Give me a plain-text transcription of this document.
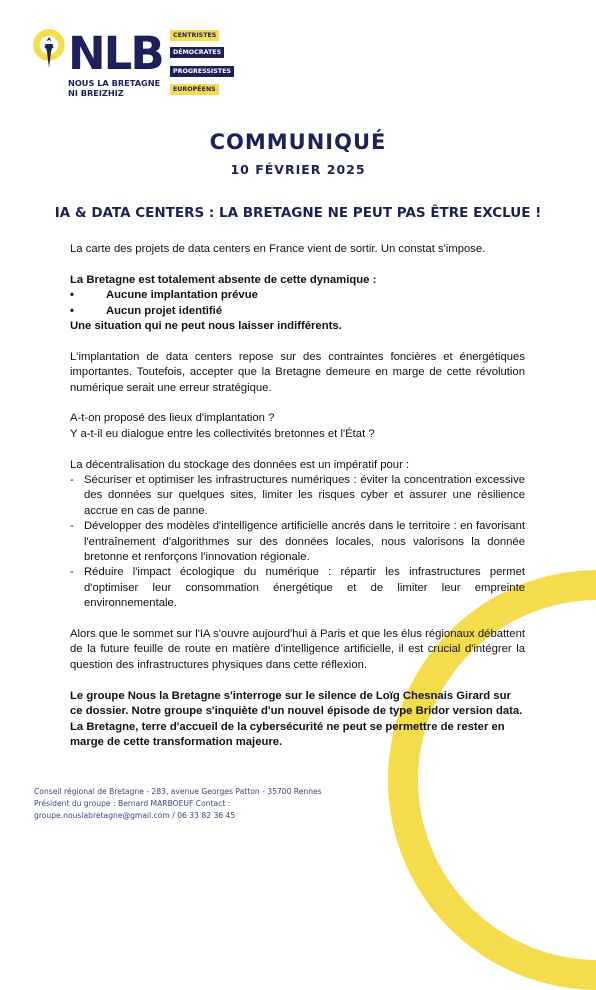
NLB
NOUS LA BRETAGNE
NI BREIZHIZ
CENTRISTES
DÉMOCRATES
PROGRESSISTES
EUROPÉENS
COMMUNIQUÉ
10 FÉVRIER 2025
IA & DATA CENTERS : LA BRETAGNE NE PEUT PAS ÊTRE EXCLUE !

La carte des projets de data centers en France vient de sortir. Un constat s'impose.

La Bretagne est totalement absente de cette dynamique :

• Aucune implantation prévue

• Aucun projet identifié

Une situation qui ne peut nous laisser indifférents.

L'implantation de data centers repose sur des contraintes foncières et énergétiques importantes. Toutefois, accepter que la Bretagne demeure en marge de cette révolution numérique serait une erreur stratégique.

A-t-on proposé des lieux d'implantation ?

Y a-t-il eu dialogue entre les collectivités bretonnes et l'État ?

La décentralisation du stockage des données est un impératif pour :

- Sécuriser et optimiser les infrastructures numériques : éviter la concentration excessive des données sur quelques sites, limiter les risques cyber et assurer une résilience accrue en cas de panne.

- Développer des modèles d'intelligence artificielle ancrés dans le territoire : en favorisant l'entraînement d'algorithmes sur des données locales, nous valorisons la donnée bretonne et renforçons l'innovation régionale.

- Réduire l'impact écologique du numérique : répartir les infrastructures permet d'optimiser leur consommation énergétique et de limiter leur empreinte environnementale.

Alors que le sommet sur l'IA s'ouvre aujourd'hui à Paris et que les élus régionaux débattent de la future feuille de route en matière d'intelligence artificielle, il est crucial d'intégrer la question des infrastructures physiques dans cette réflexion.

Le groupe Nous la Bretagne s'interroge sur le silence de Loïg Chesnais Girard sur ce dossier. Notre groupe s'inquiète d'un nouvel épisode de type Bridor version data. La Bretagne, terre d'accueil de la cybersécurité ne peut se permettre de rester en marge de cette transformation majeure.

Conseil régional de Bretagne - 283, avenue Georges Patton - 35700 Rennes
Président du groupe : Bernard MARBOEUF Contact :
groupe.nouslabretagne@gmail.com / 06 33 82 36 45
